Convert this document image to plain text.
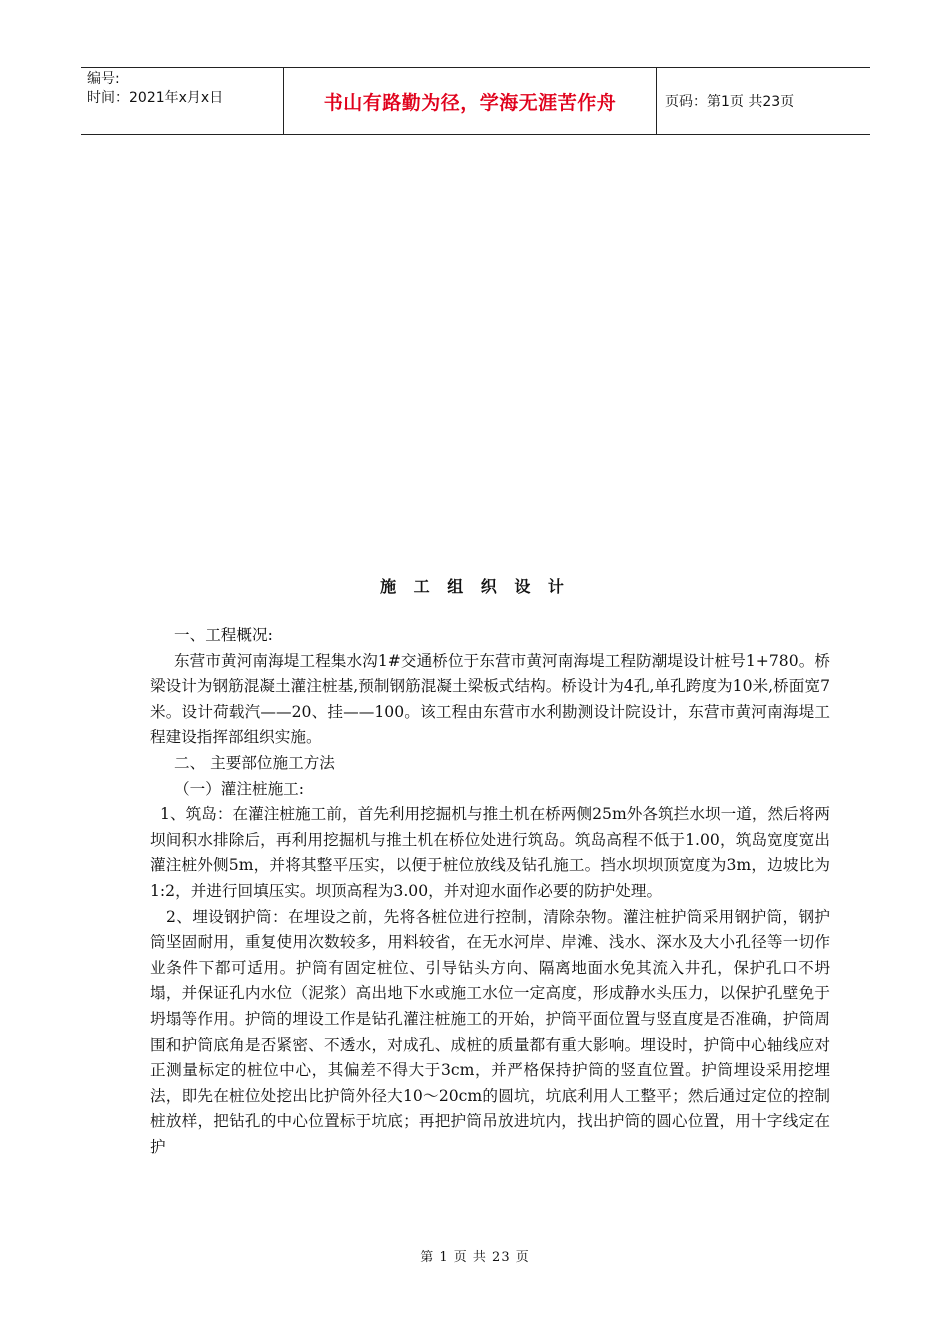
编号:
时间：2021年x月x日	书山有路勤为径，学海无涯苦作舟	页码：第1页 共23页
施 工 组 织 设 计

一、工程概况:

东营市黄河南海堤工程集水沟1#交通桥位于东营市黄河南海堤工程防潮堤设计桩号1+780。桥梁设计为钢筋混凝土灌注桩基,预制钢筋混凝土梁板式结构。桥设计为4孔,单孔跨度为10米,桥面宽7米。设计荷载汽——20、挂——100。该工程由东营市水利勘测设计院设计，东营市黄河南海堤工程建设指挥部组织实施。

二、 主要部位施工方法

（一）灌注桩施工:

1、筑岛：在灌注桩施工前，首先利用挖掘机与推土机在桥两侧25m外各筑拦水坝一道，然后将两坝间积水排除后，再利用挖掘机与推土机在桥位处进行筑岛。筑岛高程不低于1.00，筑岛宽度宽出灌注桩外侧5m，并将其整平压实，以便于桩位放线及钻孔施工。挡水坝坝顶宽度为3m，边坡比为1:2，并进行回填压实。坝顶高程为3.00，并对迎水面作必要的防护处理。

2、埋设钢护筒：在埋设之前，先将各桩位进行控制，清除杂物。灌注桩护筒采用钢护筒，钢护筒坚固耐用，重复使用次数较多，用料较省，在无水河岸、岸滩、浅水、深水及大小孔径等一切作业条件下都可适用。护筒有固定桩位、引导钻头方向、隔离地面水免其流入井孔，保护孔口不坍塌，并保证孔内水位（泥浆）高出地下水或施工水位一定高度，形成静水头压力，以保护孔壁免于坍塌等作用。护筒的埋设工作是钻孔灌注桩施工的开始，护筒平面位置与竖直度是否准确，护筒周围和护筒底角是否紧密、不透水，对成孔、成桩的质量都有重大影响。埋设时，护筒中心轴线应对正测量标定的桩位中心，其偏差不得大于3cm，并严格保持护筒的竖直位置。护筒埋设采用挖埋法，即先在桩位处挖出比护筒外径大10～20cm的圆坑，坑底利用人工整平；然后通过定位的控制桩放样，把钻孔的中心位置标于坑底；再把护筒吊放进坑内，找出护筒的圆心位置，用十字线定在护

第 1 页 共 23 页
